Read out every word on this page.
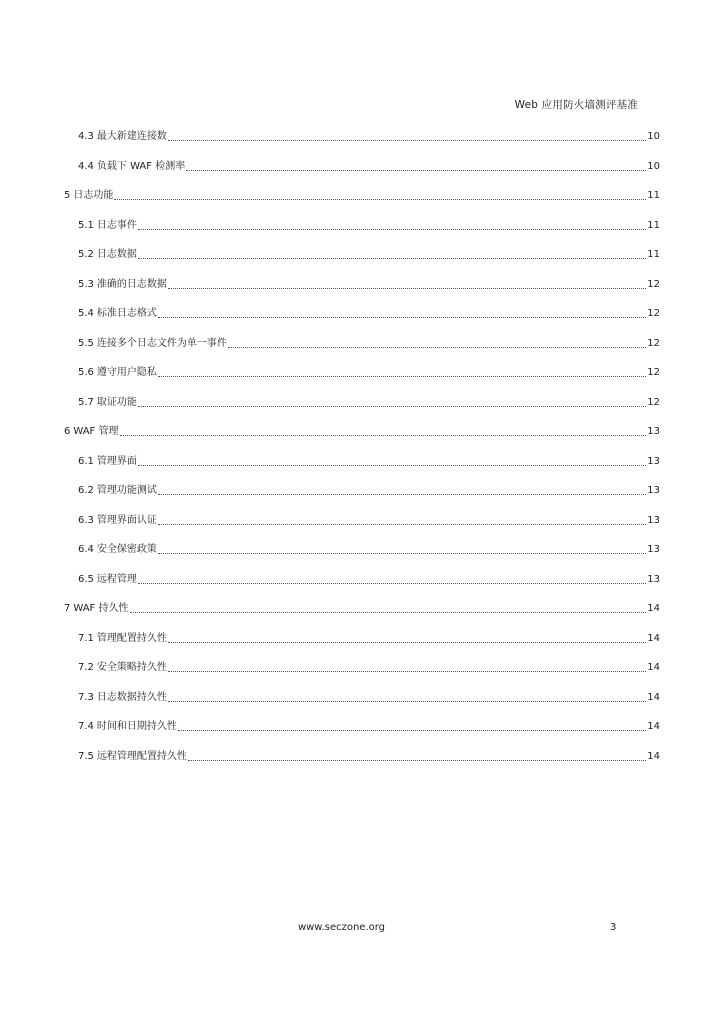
Web 应用防火墙测评基准
4.3 最大新建连接数	10
4.4 负载下 WAF 检测率	10
5 日志功能	11
5.1 日志事件	11
5.2 日志数据	11
5.3 准确的日志数据	12
5.4 标准日志格式	12
5.5 连接多个日志文件为单一事件	12
5.6 遵守用户隐私	12
5.7 取证功能	12
6 WAF 管理	13
6.1 管理界面	13
6.2 管理功能测试	13
6.3 管理界面认证	13
6.4 安全保密政策	13
6.5 远程管理	13
7 WAF 持久性	14
7.1 管理配置持久性	14
7.2 安全策略持久性	14
7.3 日志数据持久性	14
7.4 时间和日期持久性	14
7.5 远程管理配置持久性	14
www.seczone.org	3
